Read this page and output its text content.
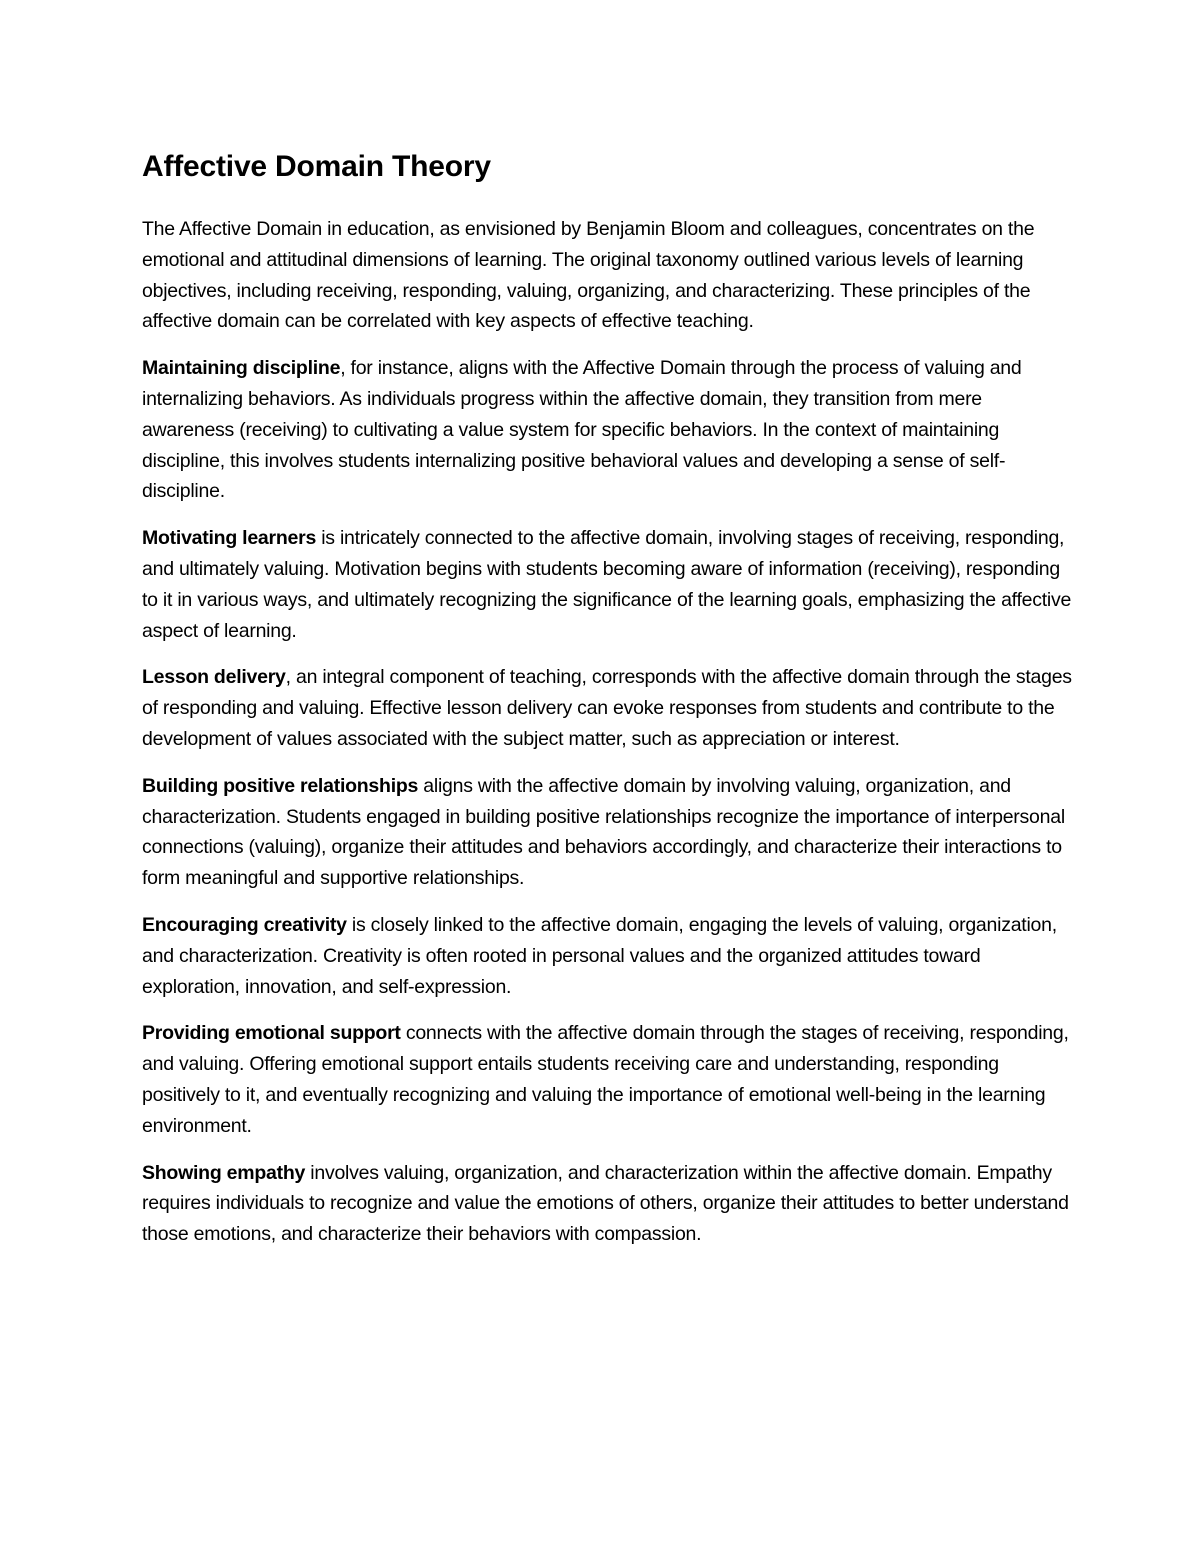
Affective Domain Theory

The Affective Domain in education, as envisioned by Benjamin Bloom and colleagues, concentrates on the emotional and attitudinal dimensions of learning. The original taxonomy outlined various levels of learning objectives, including receiving, responding, valuing, organizing, and characterizing. These principles of the affective domain can be correlated with key aspects of effective teaching.

Maintaining discipline, for instance, aligns with the Affective Domain through the process of valuing and internalizing behaviors. As individuals progress within the affective domain, they transition from mere awareness (receiving) to cultivating a value system for specific behaviors. In the context of maintaining discipline, this involves students internalizing positive behavioral values and developing a sense of self-discipline.

Motivating learners is intricately connected to the affective domain, involving stages of receiving, responding, and ultimately valuing. Motivation begins with students becoming aware of information (receiving), responding to it in various ways, and ultimately recognizing the significance of the learning goals, emphasizing the affective aspect of learning.

Lesson delivery, an integral component of teaching, corresponds with the affective domain through the stages of responding and valuing. Effective lesson delivery can evoke responses from students and contribute to the development of values associated with the subject matter, such as appreciation or interest.

Building positive relationships aligns with the affective domain by involving valuing, organization, and characterization. Students engaged in building positive relationships recognize the importance of interpersonal connections (valuing), organize their attitudes and behaviors accordingly, and characterize their interactions to form meaningful and supportive relationships.

Encouraging creativity is closely linked to the affective domain, engaging the levels of valuing, organization, and characterization. Creativity is often rooted in personal values and the organized attitudes toward exploration, innovation, and self-expression.

Providing emotional support connects with the affective domain through the stages of receiving, responding, and valuing. Offering emotional support entails students receiving care and understanding, responding positively to it, and eventually recognizing and valuing the importance of emotional well-being in the learning environment.

Showing empathy involves valuing, organization, and characterization within the affective domain. Empathy requires individuals to recognize and value the emotions of others, organize their attitudes to better understand those emotions, and characterize their behaviors with compassion.
